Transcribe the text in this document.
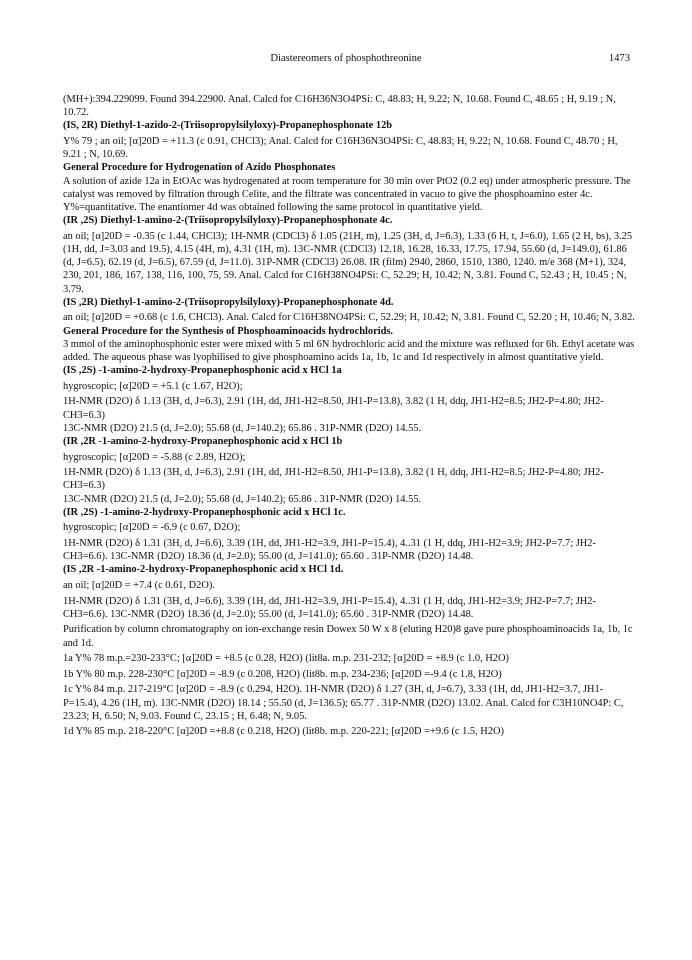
Diastereomers of phosphothreonine	1473

(MH+):394.229099. Found 394.22900. Anal. Calcd for C16H36N3O4PSi: C, 48.83; H, 9.22; N, 10.68. Found C, 48.65 ; H, 9.19 ; N, 10.72.

(IS, 2R) Diethyl-1-azido-2-(Triisopropylsilyloxy)-Propanephosphonate 12b

Y% 79 ; an oil; [α]20D = +11.3 (c 0.91, CHCl3); Anal. Calcd for C16H36N3O4PSi: C, 48.83; H, 9.22; N, 10.68. Found C, 48.70 ; H, 9.21 ; N, 10.69.

General Procedure for Hydrogenation of Azido Phosphonates

A solution of azide 12a in EtOAc was hydrogenated at room temperature for 30 min over PtO2 (0.2 eq) under atmospheric pressure. The catalyst was removed by filtration through Celite, and the filtrate was concentrated in vacuo to give the phosphoamino ester 4c. Y%=quantitative. The enantiomer 4d was obtained following the same protocol in quantitative yield.

(IR ,2S) Diethyl-1-amino-2-(Triisopropylsilyloxy)-Propanephosphonate 4c.

an oil; [α]20D = -0.35 (c 1.44, CHCl3); 1H-NMR (CDCl3) δ 1.05 (21H, m), 1.25 (3H, d, J=6.3), 1.33 (6 H, t, J=6.0), 1.65 (2 H, bs), 3.25 (1H, dd, J=3.03 and 19.5), 4.15 (4H, m), 4.31 (1H, m). 13C-NMR (CDCl3) 12.18, 16.28, 16.33, 17.75, 17.94, 55.60 (d, J=149.0), 61.86 (d, J=6.5), 62.19 (d, J=6.5), 67.59 (d, J=11.0). 31P-NMR (CDCl3) 26.08. IR (film) 2940, 2860, 1510, 1380, 1240. m/e 368 (M+1), 324, 230, 201, 186, 167, 138, 116, 100, 75, 59. Anal. Calcd for C16H38NO4PSi: C, 52.29; H, 10.42; N, 3.81. Found C, 52.43 ; H, 10.45 ; N, 3.79.

(IS ,2R) Diethyl-1-amino-2-(Triisopropylsilyloxy)-Propanephosphonate 4d.

an oil; [α]20D = +0.68 (c 1.6, CHCl3). Anal. Calcd for C16H38NO4PSi: C, 52.29; H, 10.42; N, 3.81. Found C, 52.20 ; H, 10.46; N, 3.82.

General Procedure for the Synthesis of Phosphoaminoacids hydrochlorids.

3 mmol of the aminophosphonic ester were mixed with 5 ml 6N hydrochloric acid and the mixture was refluxed for 6h. Ethyl acetate was added. The aqueous phase was lyophilised to give phosphoamino acids 1a, 1b, 1c and 1d respectively in almost quantitative yield.

(IS ,2S) -1-amino-2-hydroxy-Propanephosphonic acid x HCl 1a

hygroscopic; [α]20D = +5.1 (c 1.67, H2O);

1H-NMR (D2O) δ 1.13 (3H, d, J=6.3), 2.91 (1H, dd, JH1-H2=8.50, JH1-P=13.8), 3.82 (1 H, ddq, JH1-H2=8.5; JH2-P=4.80; JH2-CH3=6.3)

13C-NMR (D2O) 21.5 (d, J=2.0); 55.68 (d, J=140.2); 65.86 . 31P-NMR (D2O) 14.55.

(IR ,2R -1-amino-2-hydroxy-Propanephosphonic acid x HCl 1b

hygroscopic; [α]20D = -5.88 (c 2.89, H2O);

1H-NMR (D2O) δ 1.13 (3H, d, J=6.3), 2.91 (1H, dd, JH1-H2=8.50, JH1-P=13.8), 3.82 (1 H, ddq, JH1-H2=8.5; JH2-P=4.80; JH2-CH3=6.3)

13C-NMR (D2O) 21.5 (d, J=2.0); 55.68 (d, J=140.2); 65.86 . 31P-NMR (D2O) 14.55.

(IR ,2S) -1-amino-2-hydroxy-Propanephosphonic acid x HCl 1c.

hygroscopic; [α]20D = -6.9 (c 0.67, D2O);

1H-NMR (D2O) δ 1.31 (3H, d, J=6.6), 3.39 (1H, dd, JH1-H2=3.9, JH1-P=15.4), 4..31 (1 H, ddq, JH1-H2=3.9; JH2-P=7.7; JH2-CH3=6.6). 13C-NMR (D2O) 18.36 (d, J=2.0); 55.00 (d, J=141.0); 65.60 . 31P-NMR (D2O) 14.48.

(IS ,2R -1-amino-2-hydroxy-Propanephosphonic acid x HCl 1d.

an oil; [α]20D = +7.4 (c 0.61, D2O).

1H-NMR (D2O) δ 1.31 (3H, d, J=6.6), 3.39 (1H, dd, JH1-H2=3.9, JH1-P=15.4), 4..31 (1 H, ddq, JH1-H2=3.9; JH2-P=7.7; JH2-CH3=6.6). 13C-NMR (D2O) 18.36 (d, J=2.0); 55.00 (d, J=141.0); 65.60 . 31P-NMR (D2O) 14.48.

Purification by column chromatography on ion-exchange resin Dowex 50 W x 8 (eluting H20)8 gave pure phosphoaminoacids 1a, 1b, 1c and 1d.

1a Y% 78 m.p.=230-233°C; [α]20D = +8.5 (c 0.28, H2O) (lit8a. m.p. 231-232; [α]20D = +8.9 (c 1.0, H2O)

1b Y% 80 m.p. 228-230°C [α]20D = -8.9 (c 0.208, H2O) (lit8b. m.p. 234-236; [α]20D =-9.4 (c 1.8, H2O)

1c Y% 84 m.p. 217-219°C [α]20D = -8.9 (c 0.294, H2O). 1H-NMR (D2O) δ 1.27 (3H, d, J=6.7), 3.33 (1H, dd, JH1-H2=3.7, JH1-P=15.4), 4.26 (1H, m). 13C-NMR (D2O) 18.14 ; 55.50 (d, J=136.5); 65.77 . 31P-NMR (D2O) 13.02. Anal. Calcd for C3H10NO4P: C, 23.23; H, 6.50; N, 9.03. Found C, 23.15 ; H, 6.48; N, 9.05.

1d Y% 85 m.p. 218-220°C [α]20D =+8.8 (c 0.218, H2O) (lit8b. m.p. 220-221; [α]20D =+9.6 (c 1.5, H2O)
